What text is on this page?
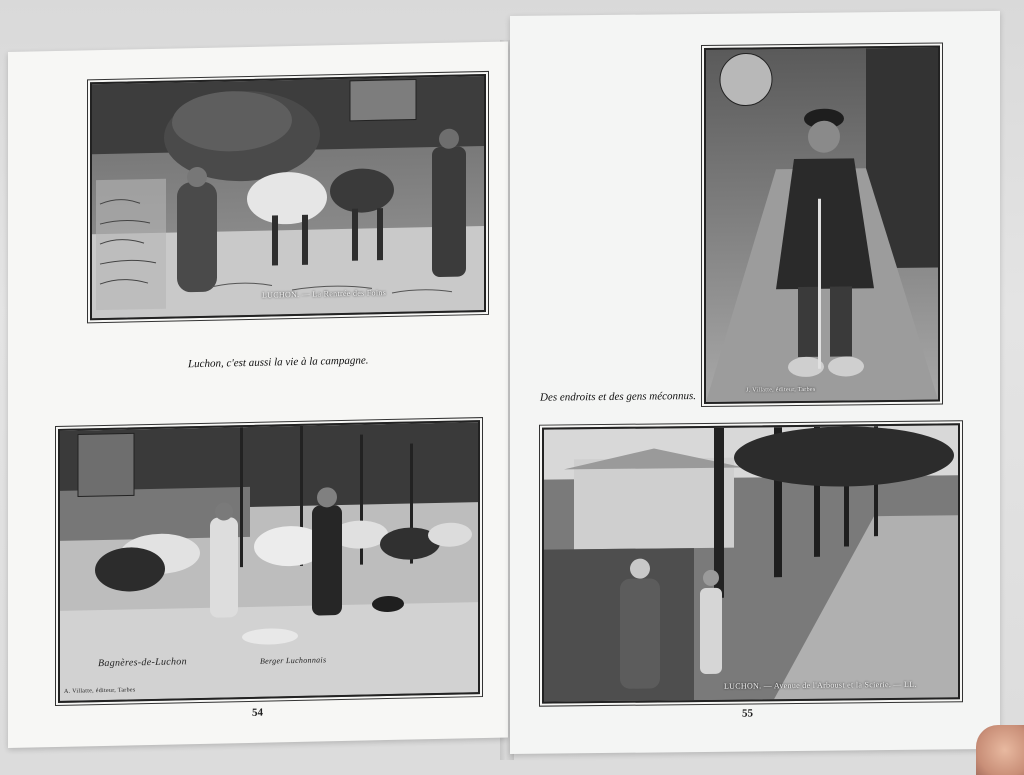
LUCHON. — La Rentrée des Foins
Luchon, c'est aussi la vie à la campagne.
Bagnères-de-Luchon	Berger Luchonnais
A. Villatte, éditeur, Tarbes
54
J. Villatte, éditeur, Tarbes
Des endroits et des gens méconnus.
LUCHON. — Avenue de l'Arboust et la Scierie. — LL.
55
